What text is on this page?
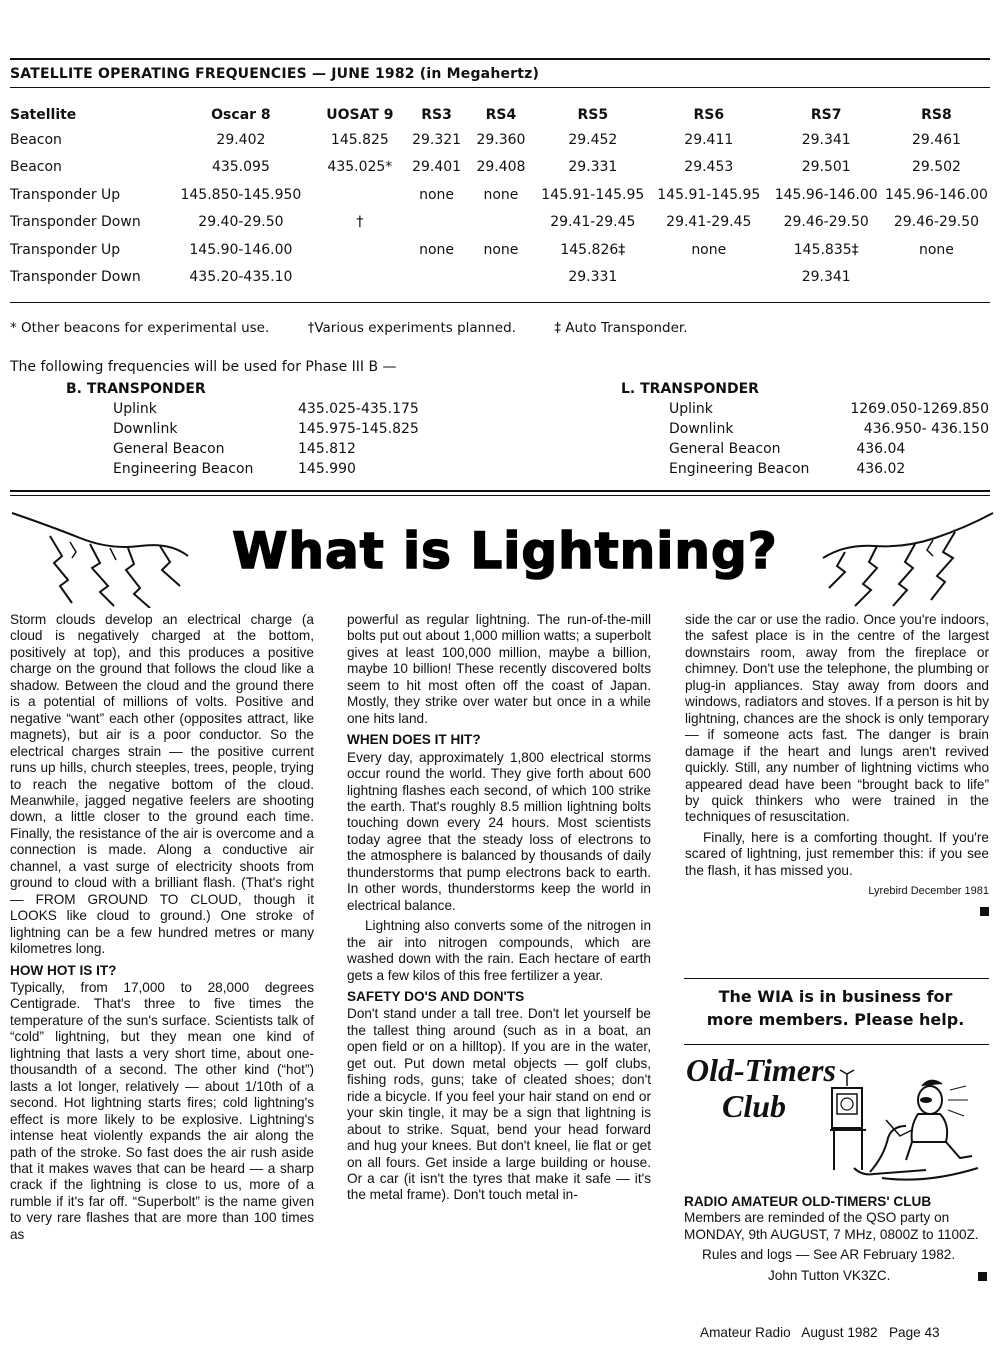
SATELLITE OPERATING FREQUENCIES — JUNE 1982 (in Megahertz)
Satellite	Oscar 8	UOSAT 9	RS3	RS4	RS5	RS6	RS7	RS8
Beacon	29.402	145.825	29.321	29.360	29.452	29.411	29.341	29.461
Beacon	435.095	435.025*	29.401	29.408	29.331	29.453	29.501	29.502
Transponder Up	145.850-145.950		none	none	145.91-145.95	145.91-145.95	145.96-146.00	145.96-146.00
Transponder Down	29.40-29.50	†			29.41-29.45	29.41-29.45	29.46-29.50	29.46-29.50
Transponder Up	145.90-146.00		none	none	145.826‡	none	145.835‡	none
Transponder Down	435.20-435.10				29.331		29.341	
* Other beacons for experimental use.	†Various experiments planned.	‡ Auto Transponder.
The following frequencies will be used for Phase III B —
B. TRANSPONDER
Uplink	435.025-435.175
Downlink	145.975-145.825
General Beacon	145.812
Engineering Beacon	145.990
L. TRANSPONDER
Uplink	1269.050-1269.850
Downlink	436.950- 436.150
General Beacon	436.04
Engineering Beacon	436.02
What is Lightning?

Storm clouds develop an electrical charge (a cloud is negatively charged at the bottom, positively at top), and this produces a positive charge on the ground that follows the cloud like a shadow. Between the cloud and the ground there is a potential of millions of volts. Positive and negative “want” each other (opposites attract, like magnets), but air is a poor conductor. So the electrical charges strain — the positive current runs up hills, church steeples, trees, people, trying to reach the negative bottom of the cloud. Meanwhile, jagged negative feelers are shooting down, a little closer to the ground each time. Finally, the resistance of the air is overcome and a connection is made. Along a conductive air channel, a vast surge of electricity shoots from ground to cloud with a brilliant flash. (That's right — FROM GROUND TO CLOUD, though it LOOKS like cloud to ground.) One stroke of lightning can be a few hundred metres or many kilometres long.

HOW HOT IS IT?

Typically, from 17,000 to 28,000 degrees Centigrade. That's three to five times the temperature of the sun's surface. Scientists talk of “cold” lightning, but they mean one kind of lightning that lasts a very short time, about one-thousandth of a second. The other kind (“hot”) lasts a lot longer, relatively — about 1/10th of a second. Hot lightning starts fires; cold lightning's effect is more likely to be explosive. Lightning's intense heat violently expands the air along the path of the stroke. So fast does the air rush aside that it makes waves that can be heard — a sharp crack if the lightning is close to us, more of a rumble if it's far off. “Superbolt” is the name given to very rare flashes that are more than 100 times as

powerful as regular lightning. The run-of-the-mill bolts put out about 1,000 million watts; a superbolt gives at least 100,000 million, maybe a billion, maybe 10 billion! These recently discovered bolts seem to hit most often off the coast of Japan. Mostly, they strike over water but once in a while one hits land.

WHEN DOES IT HIT?

Every day, approximately 1,800 electrical storms occur round the world. They give forth about 600 lightning flashes each second, of which 100 strike the earth. That's roughly 8.5 million lightning bolts touching down every 24 hours. Most scientists today agree that the steady loss of electrons to the atmosphere is balanced by thousands of daily thunderstorms that pump electrons back to earth. In other words, thunderstorms keep the world in electrical balance.

Lightning also converts some of the nitrogen in the air into nitrogen compounds, which are washed down with the rain. Each hectare of earth gets a few kilos of this free fertilizer a year.

SAFETY DO'S AND DON'TS

Don't stand under a tall tree. Don't let yourself be the tallest thing around (such as in a boat, an open field or on a hilltop). If you are in the water, get out. Put down metal objects — golf clubs, fishing rods, guns; take of cleated shoes; don't ride a bicycle. If you feel your hair stand on end or your skin tingle, it may be a sign that lightning is about to strike. Squat, bend your head forward and hug your knees. But don't kneel, lie flat or get on all fours. Get inside a large building or house. Or a car (it isn't the tyres that make it safe — it's the metal frame). Don't touch metal in-

side the car or use the radio. Once you're indoors, the safest place is in the centre of the largest downstairs room, away from the fireplace or chimney. Don't use the telephone, the plumbing or plug-in appliances. Stay away from doors and windows, radiators and stoves. If a person is hit by lightning, chances are the shock is only temporary — if someone acts fast. The danger is brain damage if the heart and lungs aren't revived quickly. Still, any number of lightning victims who appeared dead have been “brought back to life” by quick thinkers who were trained in the techniques of resuscitation.

Finally, here is a comforting thought. If you're scared of lightning, just remember this: if you see the flash, it has missed you.

Lyrebird December 1981
The WIA is in business for
more members. Please help.
Old-Timers
Club
RADIO AMATEUR OLD-TIMERS' CLUB
Members are reminded of the QSO party on MONDAY, 9th AUGUST, 7 MHz, 0800Z to 1100Z.
Rules and logs — See AR February 1982.
John Tutton VK3ZC.
Amateur Radio August 1982 Page 43
